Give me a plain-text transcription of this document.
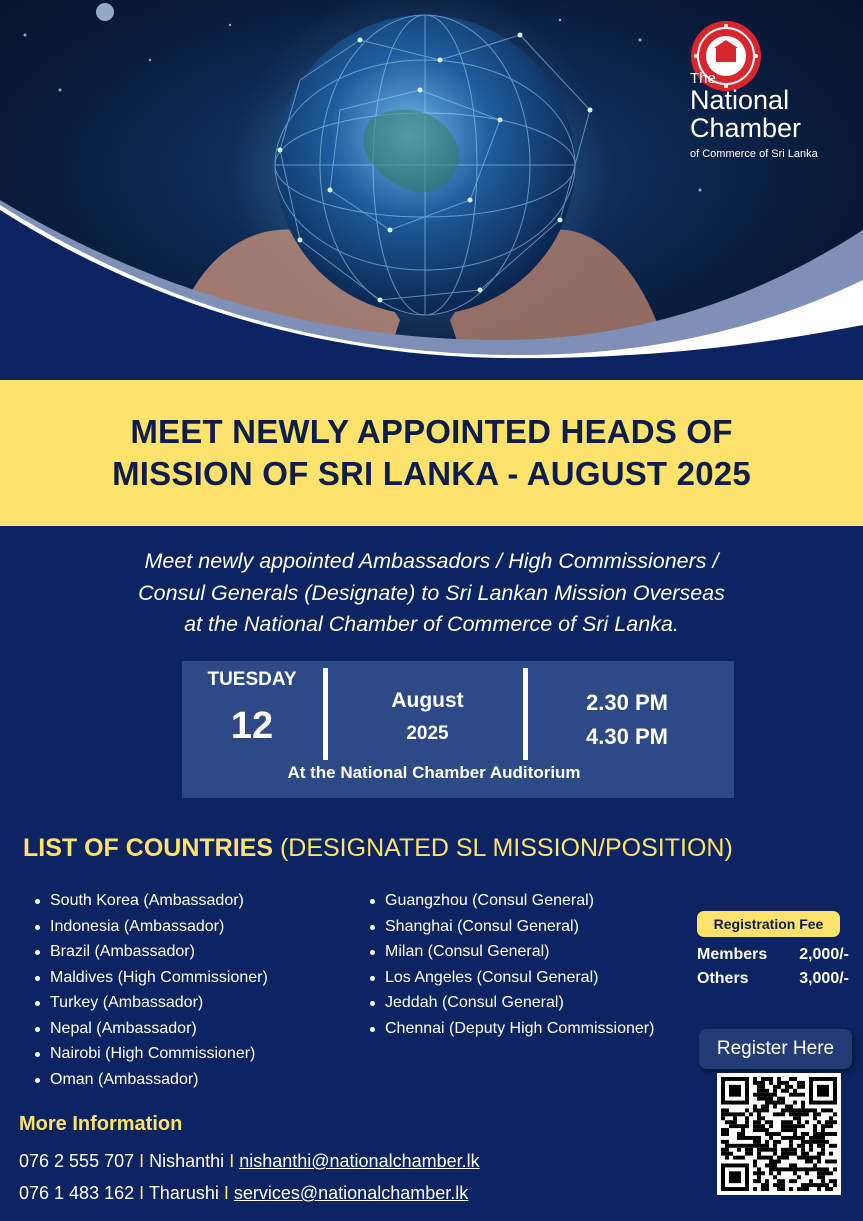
The
National
Chamber
of Commerce of Sri Lanka
MEET NEWLY APPOINTED HEADS OF
MISSION OF SRI LANKA - AUGUST 2025
Meet newly appointed Ambassadors / High Commissioners /
Consul Generals (Designate) to Sri Lankan Mission Overseas
at the National Chamber of Commerce of Sri Lanka.
TUESDAY
12
August
2025
2.30 PM
4.30 PM
At the National Chamber Auditorium
LIST OF COUNTRIES (DESIGNATED SL MISSION/POSITION)
South Korea (Ambassador)
Indonesia (Ambassador)
Brazil (Ambassador)
Maldives (High Commissioner)
Turkey (Ambassador)
Nepal (Ambassador)
Nairobi (High Commissioner)
Oman (Ambassador)
Guangzhou (Consul General)
Shanghai (Consul General)
Milan (Consul General)
Los Angeles (Consul General)
Jeddah (Consul General)
Chennai (Deputy High Commissioner)
Registration Fee
Members 2,000/-
Others	3,000/-
Register Here
More Information
076 2 555 707 I Nishanthi I nishanthi@nationalchamber.lk
076 1 483 162 I Tharushi I services@nationalchamber.lk
